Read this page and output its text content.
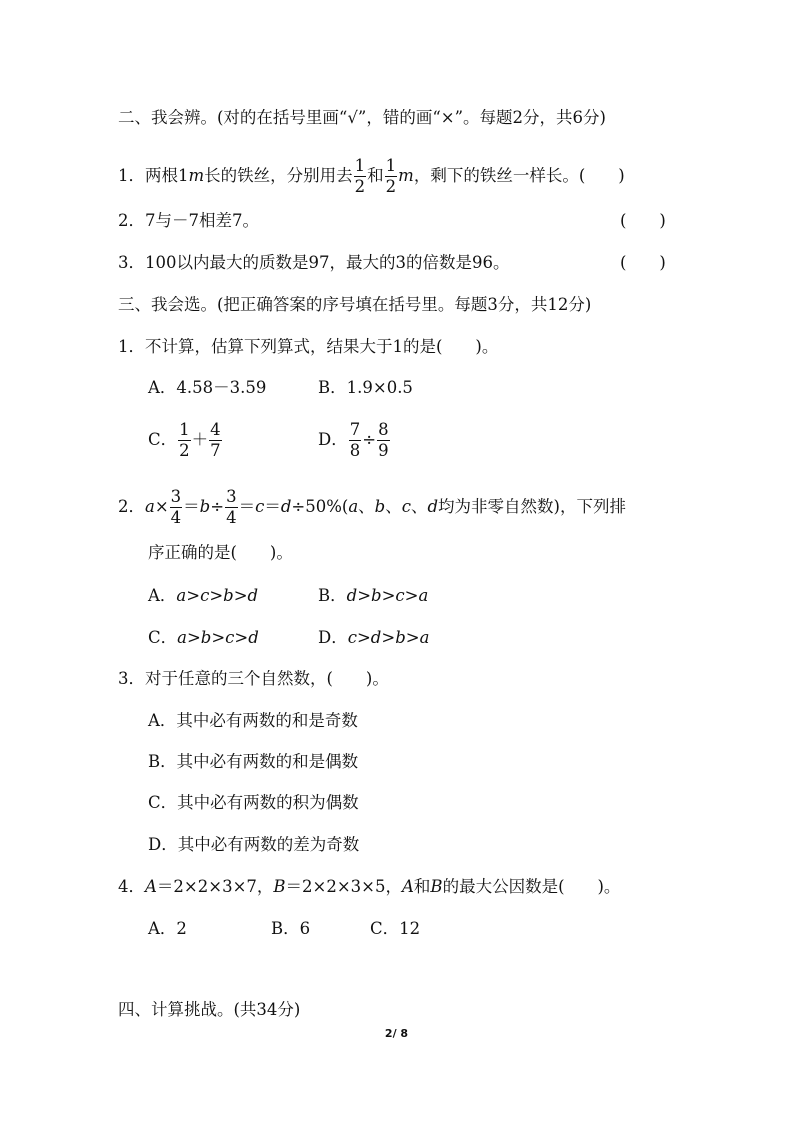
二、我会辨。(对的在括号里画“√”，错的画“×”。每题2分，共6分)
1．两根1m长的铁丝，分别用去 $\frac{1}{2}$ 和 $\frac{1}{2}$ m，剩下的铁丝一样长。(　　)
2．7与－7相差7。	(　　)
3．100以内最大的质数是97，最大的3的倍数是96。	(　　)
三、我会选。(把正确答案的序号填在括号里。每题3分，共12分)
1．不计算，估算下列算式，结果大于1的是(　　)。
A．4.58－3.59	B．1.9×0.5
C． $\frac{1}{2} + \frac{4}{7}$	D． $\frac{7}{8} \div \frac{8}{9}$
2．$a\times \frac{3}{4} =b\div \frac{3}{4} =c=d\div 50\%(a$、b、c、d均为非零自然数)，下列排
序正确的是(　　)。
A．a>c>b>d	B．d>b>c>a
C．a>b>c>d	D．c>d>b>a
3．对于任意的三个自然数，(　　)。
A．其中必有两数的和是奇数
B．其中必有两数的和是偶数
C．其中必有两数的积为偶数
D．其中必有两数的差为奇数
4．A＝2×2×3×7，B＝2×2×3×5，A和B的最大公因数是(　　)。
A．2	B．6	C．12
四、计算挑战。(共34分)
2/ 8
